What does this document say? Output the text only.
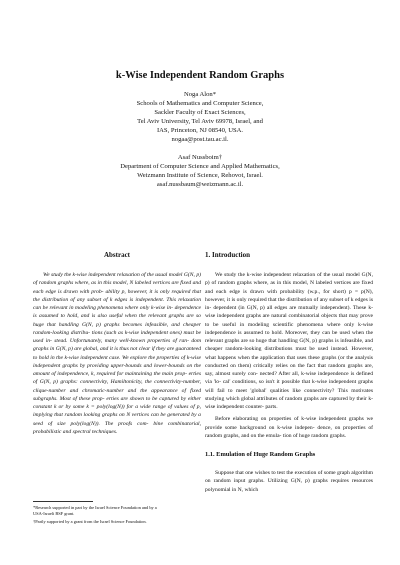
k-Wise Independent Random Graphs
Noga Alon*
Schools of Mathematics and Computer Science,
Sackler Faculty of Exact Sciences,
Tel Aviv University, Tel Aviv 69978, Israel, and
IAS, Princeton, NJ 08540, USA.
nogaa@post.tau.ac.il.
Asaf Nussboim†
Department of Computer Science and Applied Mathematics,
Weizmann Institute of Science, Rehovot, Israel.
asaf.nussbaum@weizmann.ac.il.
Abstract

We study the k-wise independent relaxation of the usual model G(N, p) of random graphs where, as in this model, N labeled vertices are fixed and each edge is drawn with prob- ability p, however, it is only required that the distribution of any subset of k edges is independent. This relaxation can be relevant in modeling phenomena where only k-wise in- dependence is assumed to hold, and is also useful when the relevant graphs are so huge that handling G(N, p) graphs becomes infeasible, and cheaper random-looking distribu- tions (such as k-wise independent ones) must be used in- stead. Unfortunately, many well-known properties of ran- dom graphs in G(N, p) are global, and it is thus not clear if they are guaranteed to hold in the k-wise independent case. We explore the properties of k-wise independent graphs by providing upper-bounds and lower-bounds on the amount of independence, k, required for maintaining the main prop- erties of G(N, p) graphs: connectivity, Hamiltonicity, the connectivity-number, clique-number and chromatic-number and the appearance of fixed subgraphs. Most of these prop- erties are shown to be captured by either constant k or by some k = poly(log(N)) for a wide range of values of p, implying that random looking graphs on N vertices can be generated by a seed of size poly(log(N)). The proofs com- bine combinatorial, probabilistic and spectral techniques.

1. Introduction

We study the k-wise independent relaxation of the usual model G(N, p) of random graphs where, as in this model, N labeled vertices are fixed and each edge is drawn with probability (w.p., for short) p = p(N), however, it is only required that the distribution of any subset of k edges is in- dependent (in G(N, p) all edges are mutually independent). These k-wise independent graphs are natural combinatorial objects that may prove to be useful in modeling scientific phenomena where only k-wise independence is assumed to hold. Moreover, they can be used when the relevant graphs are so huge that handling G(N, p) graphs is infeasible, and cheaper random-looking distributions must be used instead. However, what happens when the application that uses these graphs (or the analysis conducted on them) critically relies on the fact that random graphs are, say, almost surely con- nected? After all, k-wise independence is defined via 'lo- cal' conditions, so isn't it possible that k-wise independent graphs will fail to meet 'global' qualities like connectivity? This motivates studying which global attributes of random graphs are captured by their k-wise independent counter- parts.

Before elaborating on properties of k-wise independent graphs we provide some background on k-wise indepen- dence, on properties of random graphs, and on the emula- tion of huge random graphs.

1.1. Emulation of Huge Random Graphs

Suppose that one wishes to test the execution of some graph algorithm on random input graphs. Utilizing G(N, p) graphs requires resources polynomial in N, which

*Research supported in part by the Israel Science Foundation and by a
USA-Israeli BSF grant.
†Partly supported by a grant from the Israel Science Foundation.
